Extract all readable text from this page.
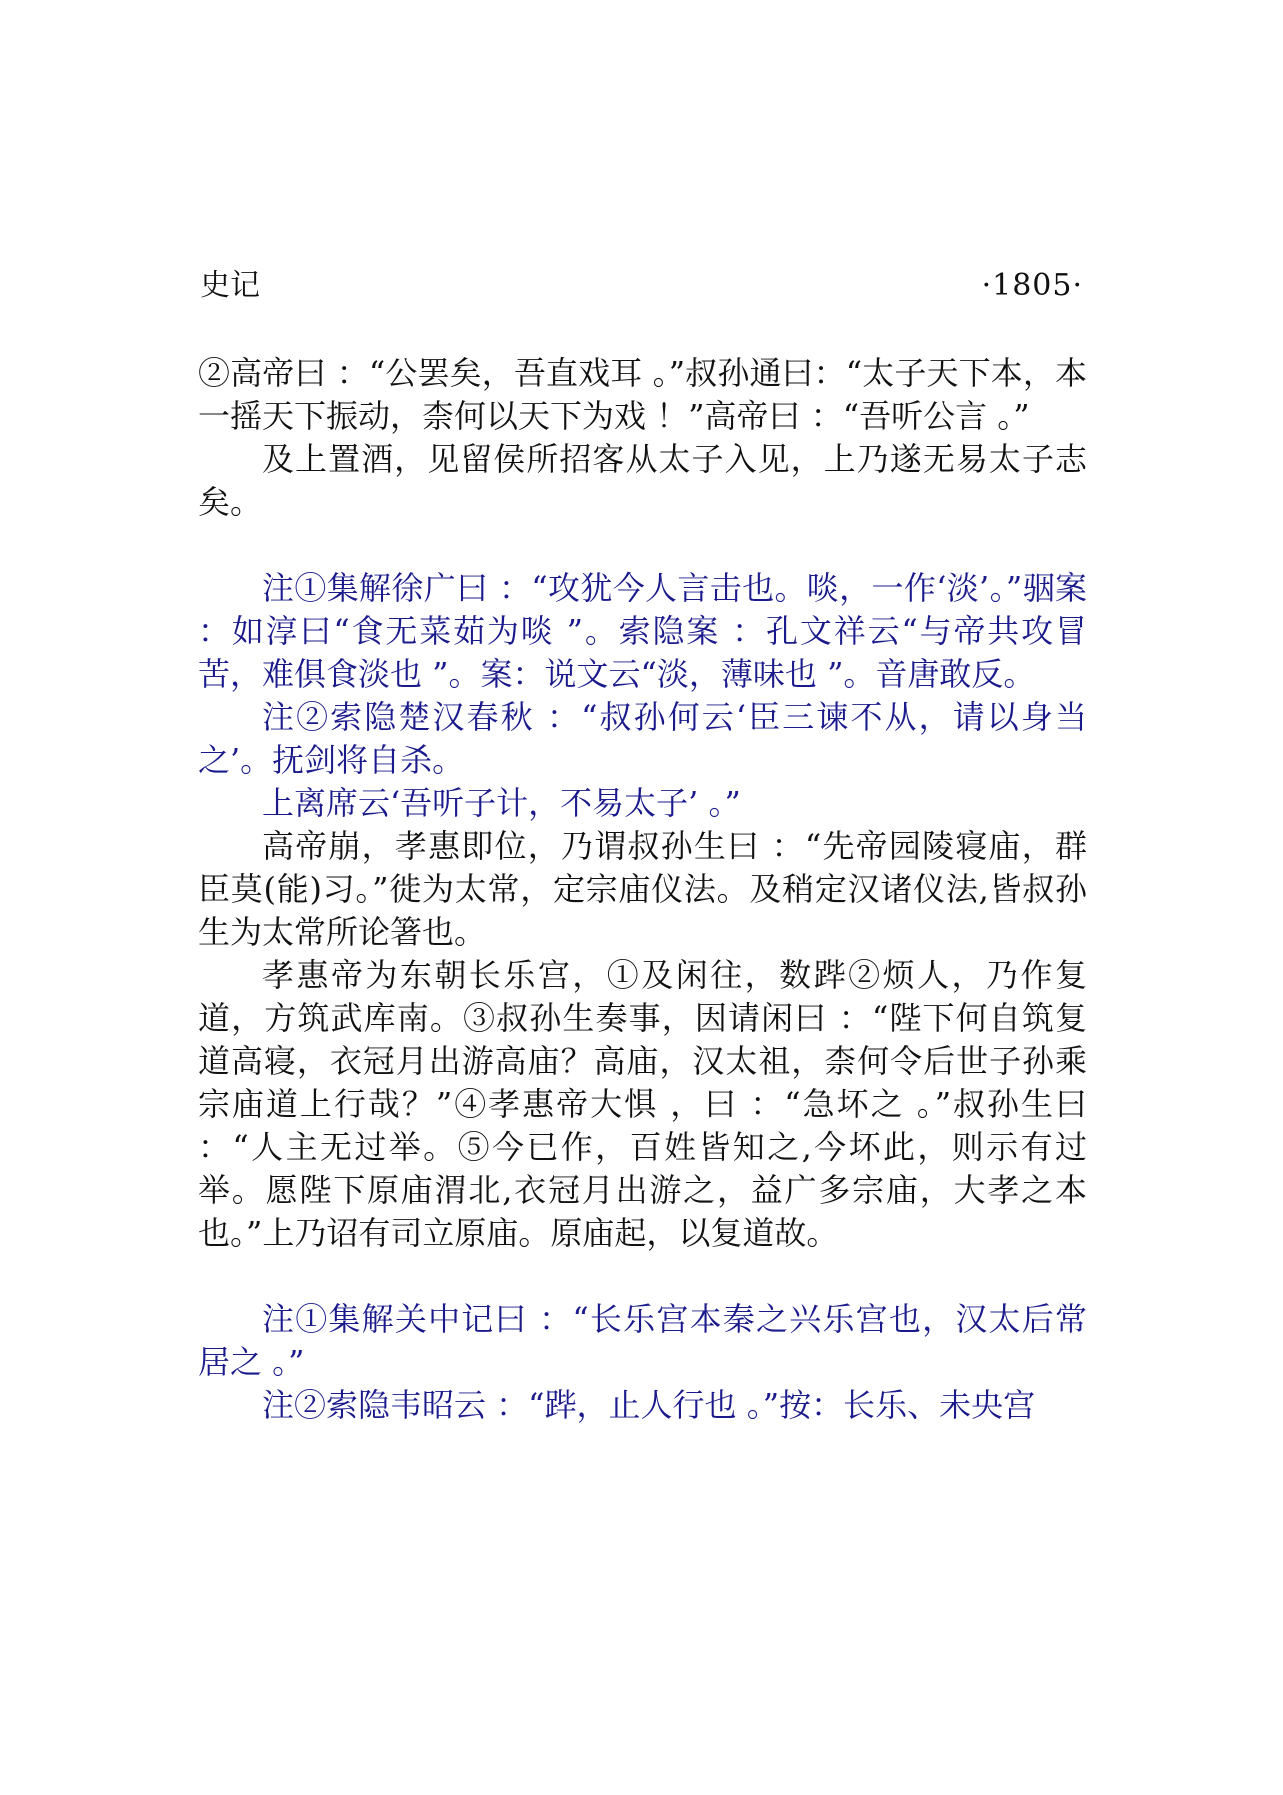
史记	·1805·

②高帝曰 ：“公罢矣，吾直戏耳 。”叔孙通曰：“太子天下本，本一摇天下振动，柰何以天下为戏 ！”高帝曰 ：“吾听公言 。”

及上置酒，见留侯所招客从太子入见，上乃遂无易太子志矣。

注①集解徐广曰 ：“攻犹今人言击也。啖，一作‘淡’。”骃案 ：如淳曰“食无菜茹为啖 ”。索隐案 ：孔文祥云“与帝共攻冒苦，难俱食淡也 ”。案：说文云“淡，薄味也 ”。音唐敢反。

注②索隐楚汉春秋 ：“叔孙何云‘臣三谏不从，请以身当之’。抚剑将自杀。

上离席云‘吾听子计，不易太子’ 。”

高帝崩，孝惠即位，乃谓叔孙生曰 ：“先帝园陵寝庙，群臣莫(能)习。”徙为太常，定宗庙仪法。及稍定汉诸仪法,皆叔孙生为太常所论箸也。

孝惠帝为东朝长乐宫，①及闲往，数跸②烦人，乃作复道，方筑武库南。③叔孙生奏事，因请闲曰 ：“陛下何自筑复道高寝，衣冠月出游高庙？高庙，汉太祖，柰何令后世子孙乘宗庙道上行哉？”④孝惠帝大惧 ，曰 ：“急坏之 。”叔孙生曰 ：“人主无过举。⑤今已作，百姓皆知之,今坏此，则示有过举。愿陛下原庙渭北,衣冠月出游之，益广多宗庙，大孝之本也。”上乃诏有司立原庙。原庙起，以复道故。

注①集解关中记曰 ：“长乐宫本秦之兴乐宫也，汉太后常居之 。”

注②索隐韦昭云 ：“跸，止人行也 。”按：长乐、未央宫
